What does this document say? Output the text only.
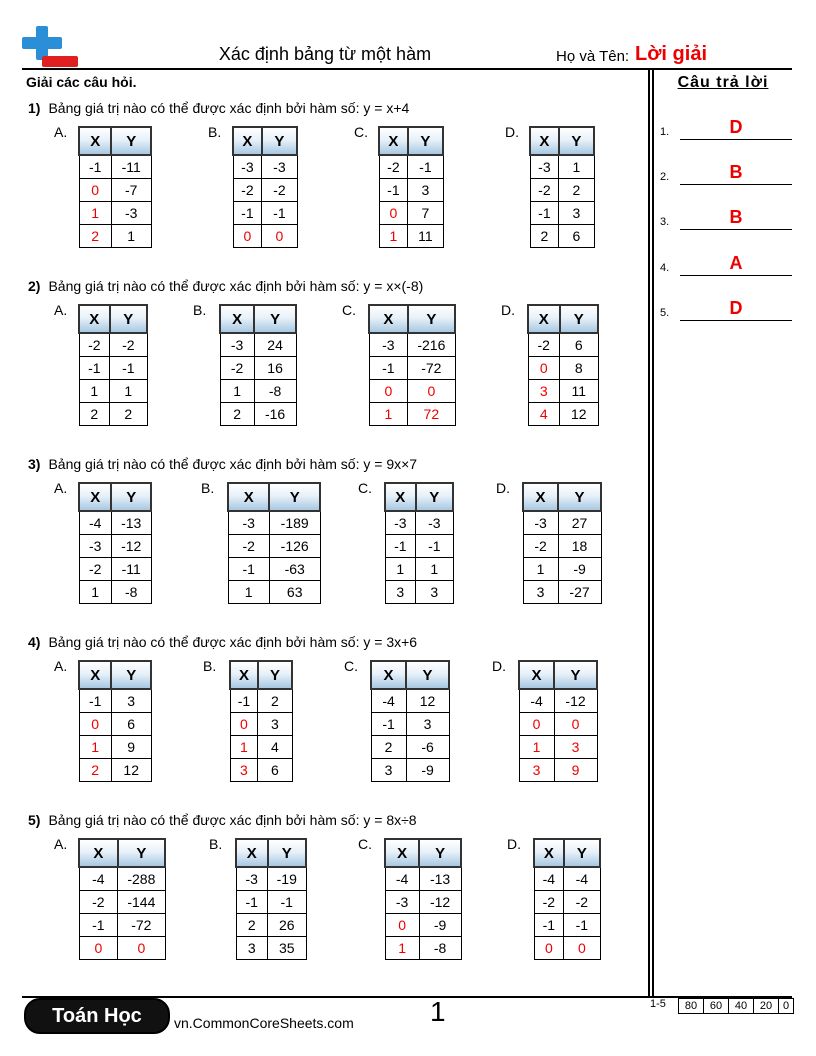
Xác định bảng từ một hàm	Họ và Tên: Lời giải
Giải các câu hỏi.	Câu trả lời
1.	D
2.	B
3.	B
4.	A
5.	D
1) Bảng giá trị nào có thể được xác định bởi hàm số: y = x+4
A.
X	Y
-1	-11
0	-7
1	-3
2	1
B.
X	Y
-3	-3
-2	-2
-1	-1
0	0
C.
X	Y
-2	-1
-1	3
0	7
1	11
D.
X	Y
-3	1
-2	2
-1	3
2	6
2) Bảng giá trị nào có thể được xác định bởi hàm số: y = x×(-8)
A.
X	Y
-2	-2
-1	-1
1	1
2	2
B.
X	Y
-3	24
-2	16
1	-8
2	-16
C.
X	Y
-3	-216
-1	-72
0	0
1	72
D.
X	Y
-2	6
0	8
3	11
4	12
3) Bảng giá trị nào có thể được xác định bởi hàm số: y = 9x×7
A.
X	Y
-4	-13
-3	-12
-2	-11
1	-8
B.
X	Y
-3	-189
-2	-126
-1	-63
1	63
C.
X	Y
-3	-3
-1	-1
1	1
3	3
D.
X	Y
-3	27
-2	18
1	-9
3	-27
4) Bảng giá trị nào có thể được xác định bởi hàm số: y = 3x+6
A.
X	Y
-1	3
0	6
1	9
2	12
B.
X	Y
-1	2
0	3
1	4
3	6
C.
X	Y
-4	12
-1	3
2	-6
3	-9
D.
X	Y
-4	-12
0	0
1	3
3	9
5) Bảng giá trị nào có thể được xác định bởi hàm số: y = 8x÷8
A.
X	Y
-4	-288
-2	-144
-1	-72
0	0
B.
X	Y
-3	-19
-1	-1
2	26
3	35
C.
X	Y
-4	-13
-3	-12
0	-9
1	-8
D.
X	Y
-4	-4
-2	-2
-1	-1
0	0
Toán Học	vn.CommonCoreSheets.com	1	1-5	80	60	40	20 0
